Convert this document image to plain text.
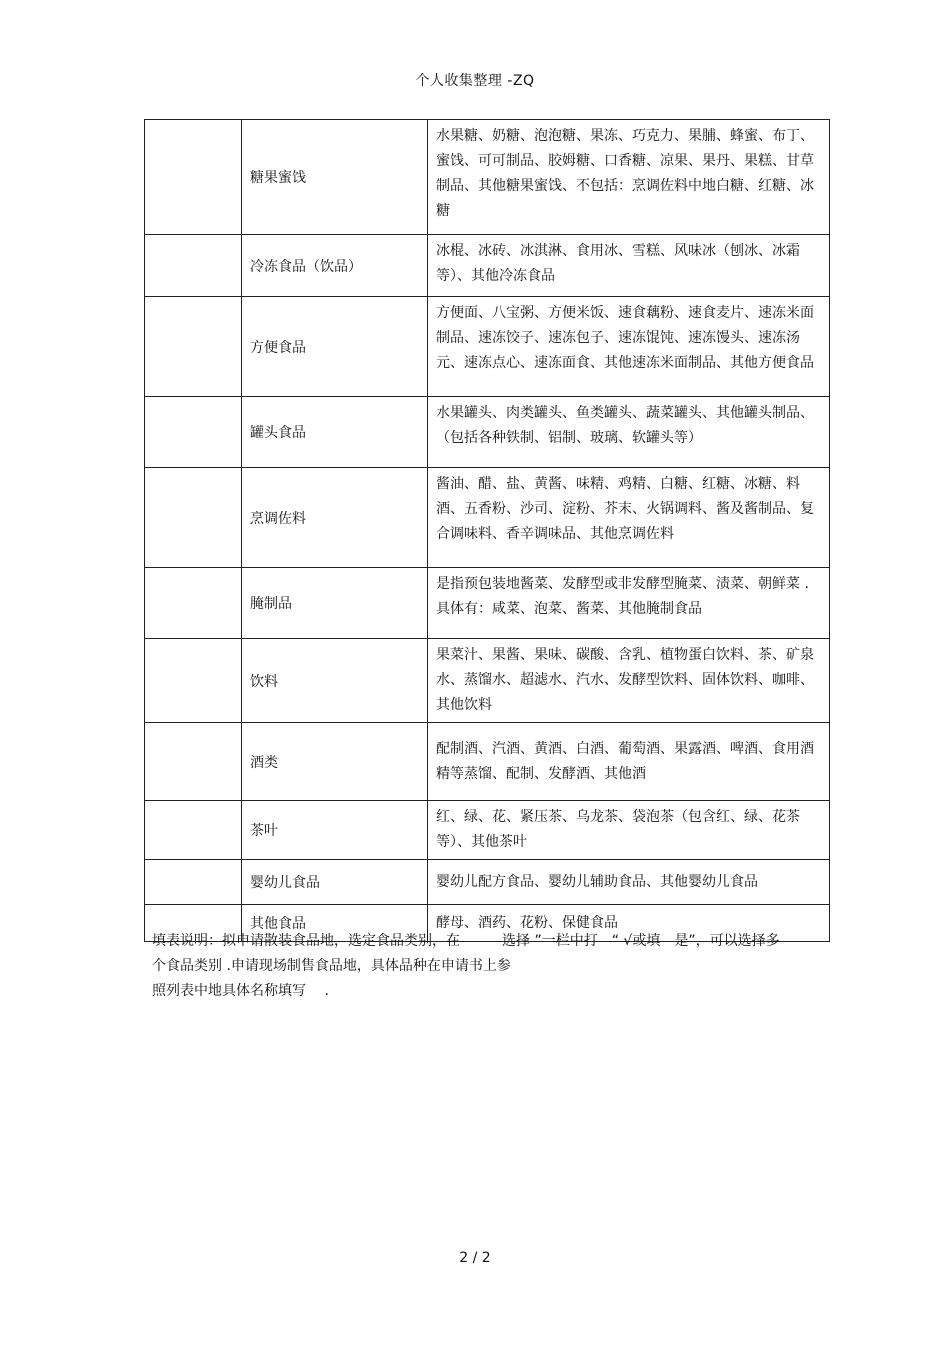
个人收集整理 -ZQ
	糖果蜜饯	水果糖、奶糖、泡泡糖、果冻、巧克力、果脯、蜂蜜、布丁、蜜饯、可可制品、胶姆糖、口香糖、凉果、果丹、果糕、甘草制品、其他糖果蜜饯、不包括：烹调佐料中地白糖、红糖、冰糖
	冷冻食品（饮品）	冰棍、冰砖、冰淇淋、食用冰、雪糕、风味冰（刨冰、冰霜等）、其他冷冻食品
	方便食品	方便面、八宝粥、方便米饭、速食藕粉、速食麦片、速冻米面制品、速冻饺子、速冻包子、速冻馄饨、速冻馒头、速冻汤元、速冻点心、速冻面食、其他速冻米面制品、其他方便食品
	罐头食品	水果罐头、肉类罐头、鱼类罐头、蔬菜罐头、其他罐头制品、（包括各种铁制、铝制、玻璃、软罐头等）
	烹调佐料	酱油、醋、盐、黄酱、味精、鸡精、白糖、红糖、冰糖、料酒、五香粉、沙司、淀粉、芥末、火锅调料、酱及酱制品、复合调味料、香辛调味品、其他烹调佐料
	腌制品	是指预包装地酱菜、发酵型或非发酵型腌菜、渍菜、朝鲜菜 .具体有：咸菜、泡菜、酱菜、其他腌制食品
	饮料	果菜汁、果酱、果味、碳酸、含乳、植物蛋白饮料、茶、矿泉水、蒸馏水、超滤水、汽水、发酵型饮料、固体饮料、咖啡、其他饮料
	酒类	配制酒、汽酒、黄酒、白酒、葡萄酒、果露酒、啤酒、食用酒精等蒸馏、配制、发酵酒、其他酒
	茶叶	红、绿、花、紧压茶、乌龙茶、袋泡茶（包含红、绿、花茶等）、其他茶叶
	婴幼儿食品	婴幼儿配方食品、婴幼儿辅助食品、其他婴幼儿食品
	其他食品	酵母、酒药、花粉、保健食品
填表说明：拟申请散装食品地，选定食品类别，在　　　选择 ”一栏中打　“ √或填　是”，可以选择多
个食品类别 .申请现场制售食品地，具体品种在申请书上参
照列表中地具体名称填写　 .
2 / 2
